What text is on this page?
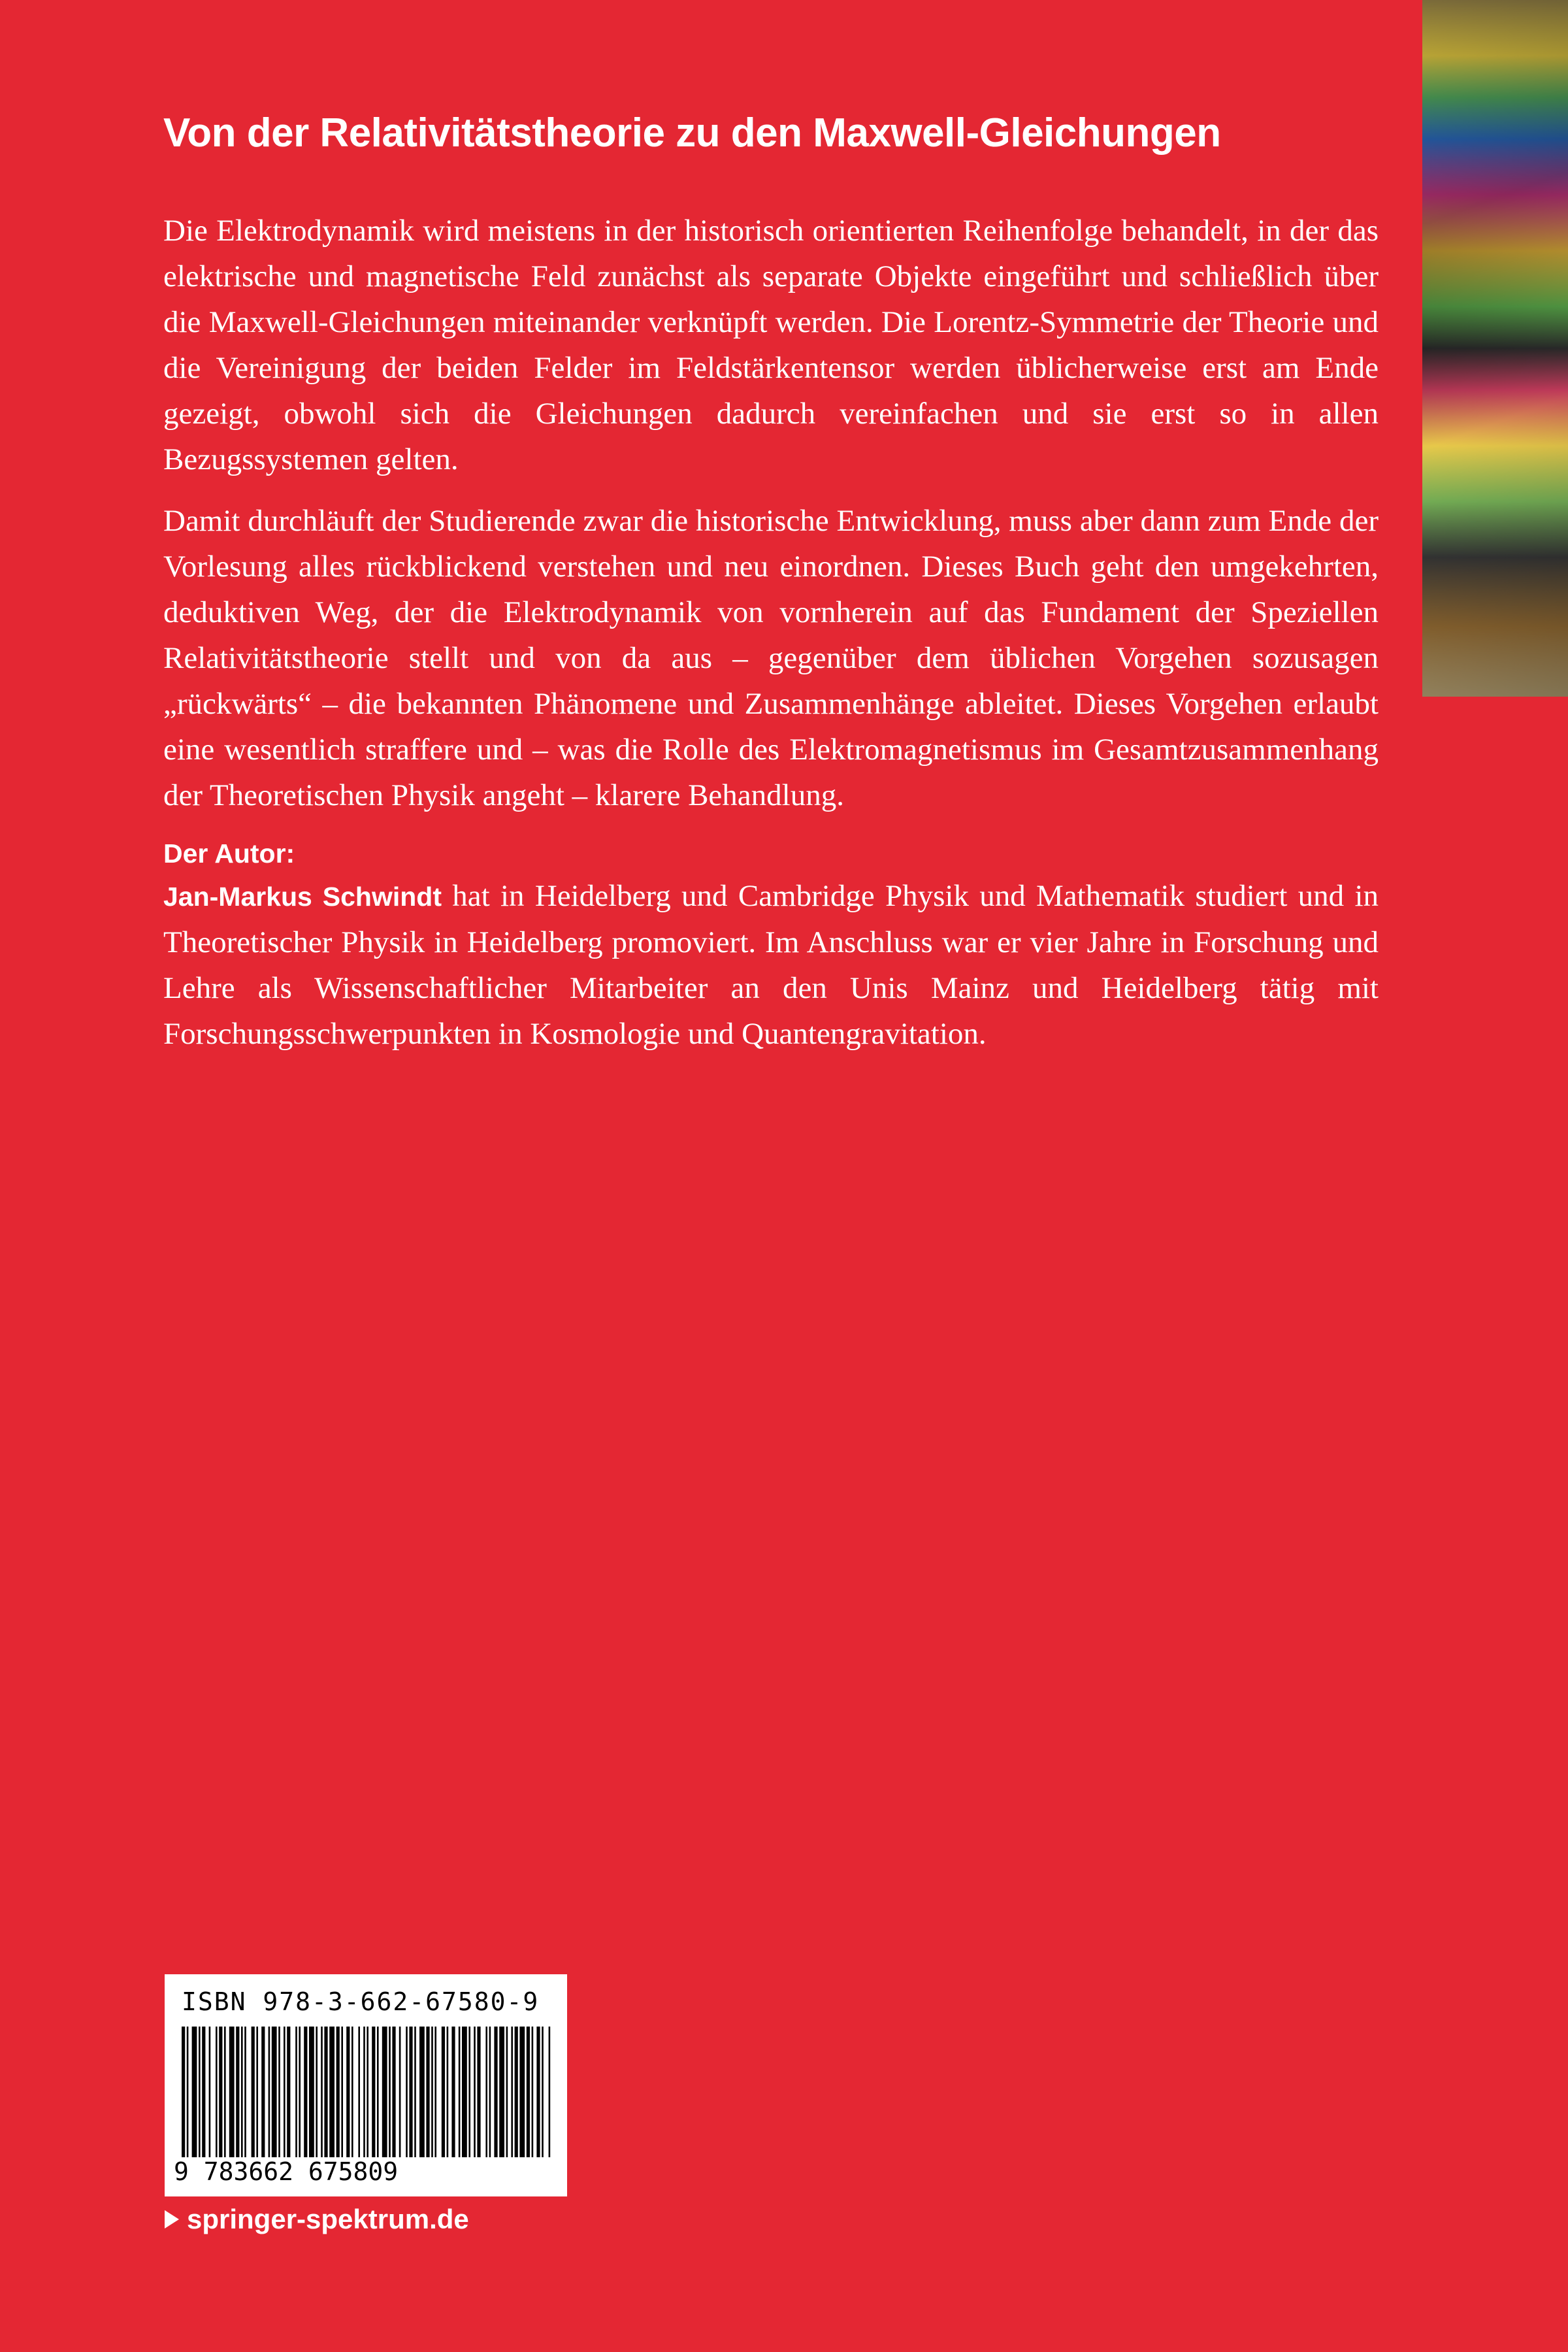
Von der Relativitätstheorie zu den Maxwell-Gleichungen

Die Elektrodynamik wird meistens in der historisch orientierten Reihenfolge behandelt, in der das elektrische und magnetische Feld zunächst als separate Objekte eingeführt und schließlich über die Maxwell-Gleichungen miteinander verknüpft werden. Die Lorentz-Symmetrie der Theorie und die Vereinigung der beiden Felder im Feldstärkentensor werden üblicherweise erst am Ende gezeigt, obwohl sich die Gleichungen dadurch vereinfachen und sie erst so in allen Bezugssystemen gelten.

Damit durchläuft der Studierende zwar die historische Entwicklung, muss aber dann zum Ende der Vorlesung alles rückblickend verstehen und neu einordnen. Dieses Buch geht den umgekehrten, deduktiven Weg, der die Elektrodynamik von vornherein auf das Fundament der Speziellen Relativitätstheorie stellt und von da aus – gegenüber dem üblichen Vorgehen sozusagen „rückwärts“ – die bekannten Phänomene und Zusammenhänge ableitet. Dieses Vorgehen erlaubt eine wesentlich straffere und – was die Rolle des Elektromagnetismus im Gesamtzusammenhang der Theoretischen Physik angeht – klarere Behandlung.

Der Autor:

Jan-Markus Schwindt hat in Heidelberg und Cambridge Physik und Mathematik studiert und in Theoretischer Physik in Heidelberg promoviert. Im Anschluss war er vier Jahre in Forschung und Lehre als Wissenschaftlicher Mitarbeiter an den Unis Mainz und Heidelberg tätig mit Forschungsschwerpunkten in Kosmologie und Quantengravitation.

ISBN 978-3-662-67580-9
9 783662 675809
springer-spektrum.de
